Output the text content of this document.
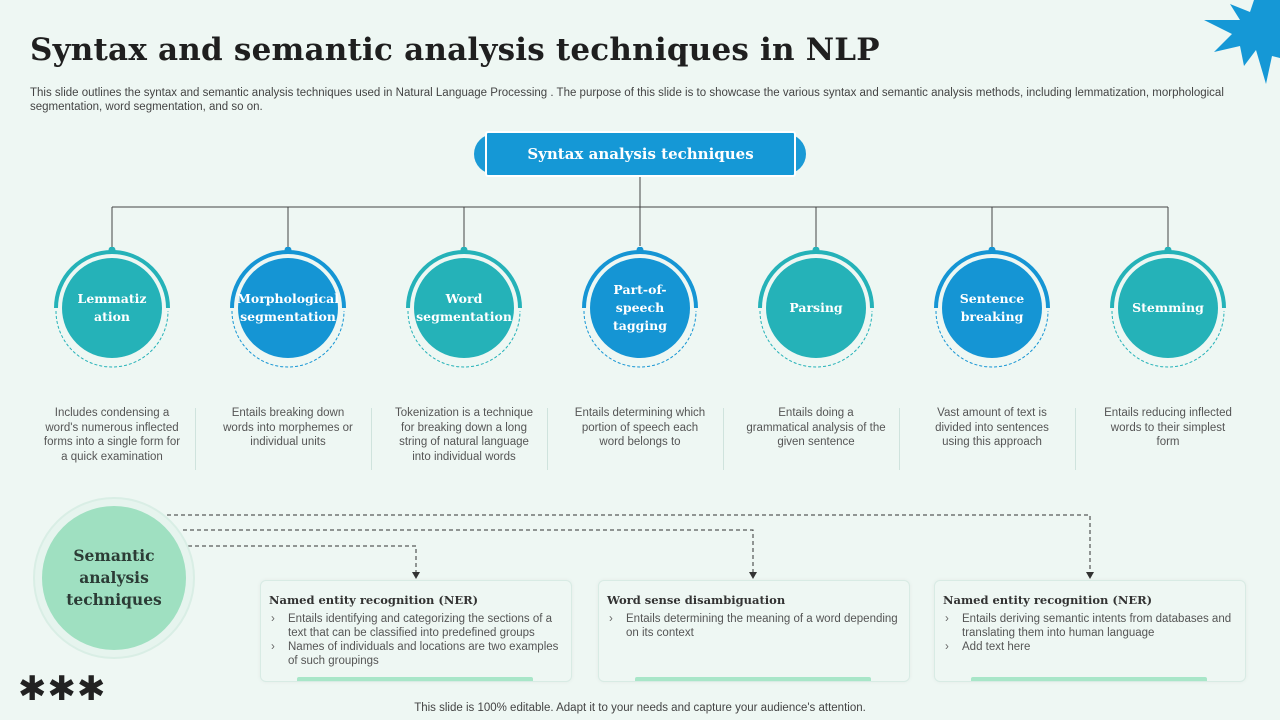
Syntax and semantic analysis techniques in NLP
This slide outlines the syntax and semantic analysis techniques used in Natural Language Processing . The purpose of this slide is to showcase the various syntax and semantic analysis methods, including lemmatization, morphological segmentation, word segmentation, and so on.
Syntax analysis techniques
Lemmatiz ation
Morphological segmentation
Word segmentation
Part-of-speech tagging
Parsing
Sentence breaking
Stemming
Includes condensing a word's numerous inflected forms into a single form for a quick examination
Entails breaking down words into morphemes or individual units
Tokenization is a technique for breaking down a long string of natural language into individual words
Entails determining which portion of speech each word belongs to
Entails doing a grammatical analysis of the given sentence
Vast amount of text is divided into sentences using this approach
Entails reducing inflected words to their simplest form
Semantic analysis techniques	Named entity recognition (NER)
› Entails identifying and categorizing the sections of a text that can be classified into predefined groups
› Names of individuals and locations are two examples of such groupings
Word sense disambiguation
› Entails determining the meaning of a word depending on its context
Named entity recognition (NER)
› Entails deriving semantic intents from databases and translating them into human language
› Add text here
✱✱✱	This slide is 100% editable. Adapt it to your needs and capture your audience's attention.
